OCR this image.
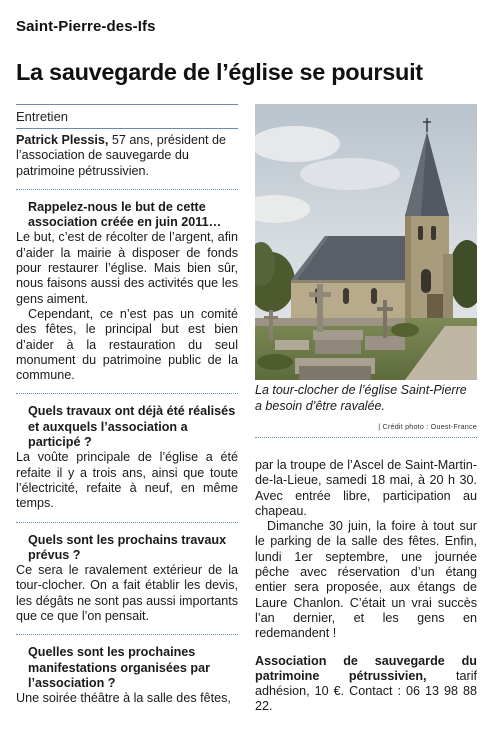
Saint-Pierre-des-Ifs
La sauvegarde de l’église se poursuit
Entretien

Patrick Plessis, 57 ans, président de l’association de sauvegarde du patrimoine pétrussivien.

Rappelez-nous le but de cette association créée en juin 2011…

Le but, c’est de récolter de l’argent, afin d’aider la mairie à disposer de fonds pour restaurer l’église. Mais bien sûr, nous faisons aussi des activités que les gens aiment.

Cependant, ce n’est pas un comité des fêtes, le principal but est bien d’aider à la restauration du seul monument du patrimoine public de la commune.

Quels travaux ont déjà été réalisés et auxquels l’association a participé ?

La voûte principale de l’église a été refaite il y a trois ans, ainsi que toute l’électricité, refaite à neuf, en même temps.

Quels sont les prochains travaux prévus ?

Ce sera le ravalement extérieur de la tour-clocher. On a fait établir les devis, les dégâts ne sont pas aussi importants que ce que l’on pensait.

Quelles sont les prochaines manifestations organisées par l’association ?

Une soirée théâtre à la salle des fêtes,

La tour-clocher de l’église Saint-Pierre a besoin d’être ravalée.

| Crédit photo : Ouest-France

par la troupe de l’Ascel de Saint-Martin-de-la-Lieue, samedi 18 mai, à 20 h 30. Avec entrée libre, participation au chapeau.

Dimanche 30 juin, la foire à tout sur le parking de la salle des fêtes. Enfin, lundi 1er septembre, une journée pêche avec réservation d’un étang entier sera proposée, aux étangs de Laure Chanlon. C’était un vrai succès l’an dernier, et les gens en redemandent !

Association de sauvegarde du patrimoine pétrussivien, tarif adhésion, 10 €. Contact : 06 13 98 88 22.
